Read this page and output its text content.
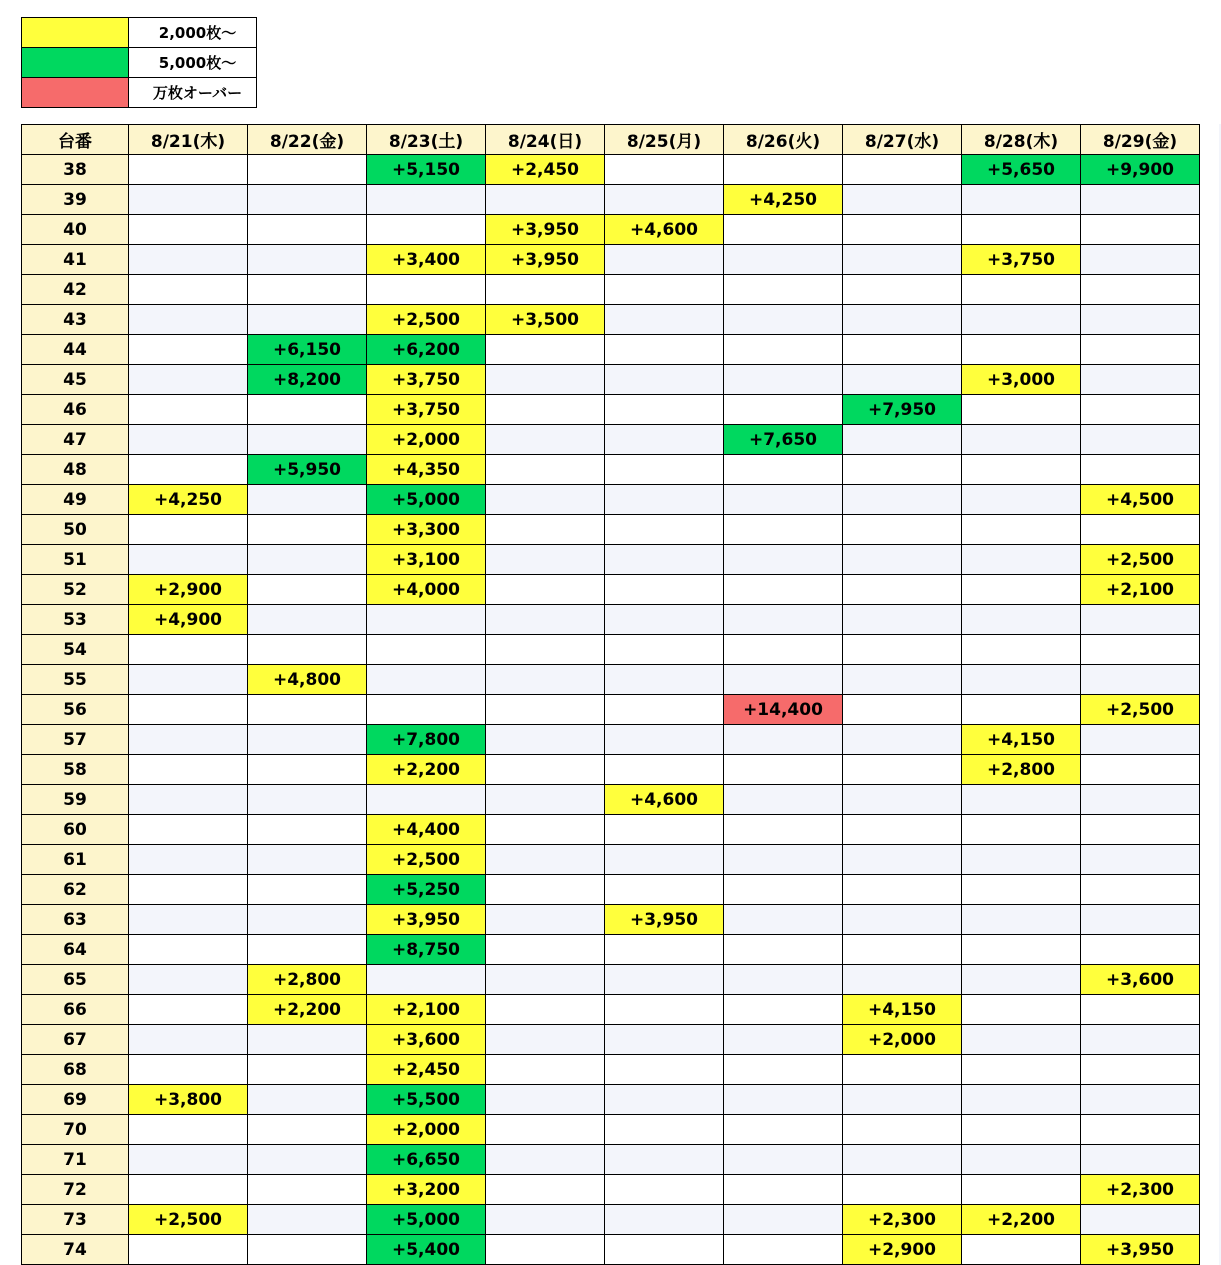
	2,000枚〜
	5,000枚〜
	万枚オーバー
台番	8/21(木)	8/22(金)	8/23(土)	8/24(日)	8/25(月)	8/26(火)	8/27(水)	8/28(木)	8/29(金)
38			+5,150	+2,450				+5,650	+9,900
39						+4,250			
40				+3,950	+4,600				
41			+3,400	+3,950				+3,750	
42									
43			+2,500	+3,500					
44		+6,150	+6,200						
45		+8,200	+3,750					+3,000	
46			+3,750				+7,950		
47			+2,000			+7,650			
48		+5,950	+4,350						
49	+4,250		+5,000						+4,500
50			+3,300						
51			+3,100						+2,500
52	+2,900		+4,000						+2,100
53	+4,900								
54									
55		+4,800							
56						+14,400			+2,500
57			+7,800					+4,150	
58			+2,200					+2,800	
59					+4,600				
60			+4,400						
61			+2,500						
62			+5,250						
63			+3,950		+3,950				
64			+8,750						
65		+2,800							+3,600
66		+2,200	+2,100				+4,150		
67			+3,600				+2,000		
68			+2,450						
69	+3,800		+5,500						
70			+2,000						
71			+6,650						
72			+3,200						+2,300
73	+2,500		+5,000				+2,300	+2,200	
74			+5,400				+2,900		+3,950
